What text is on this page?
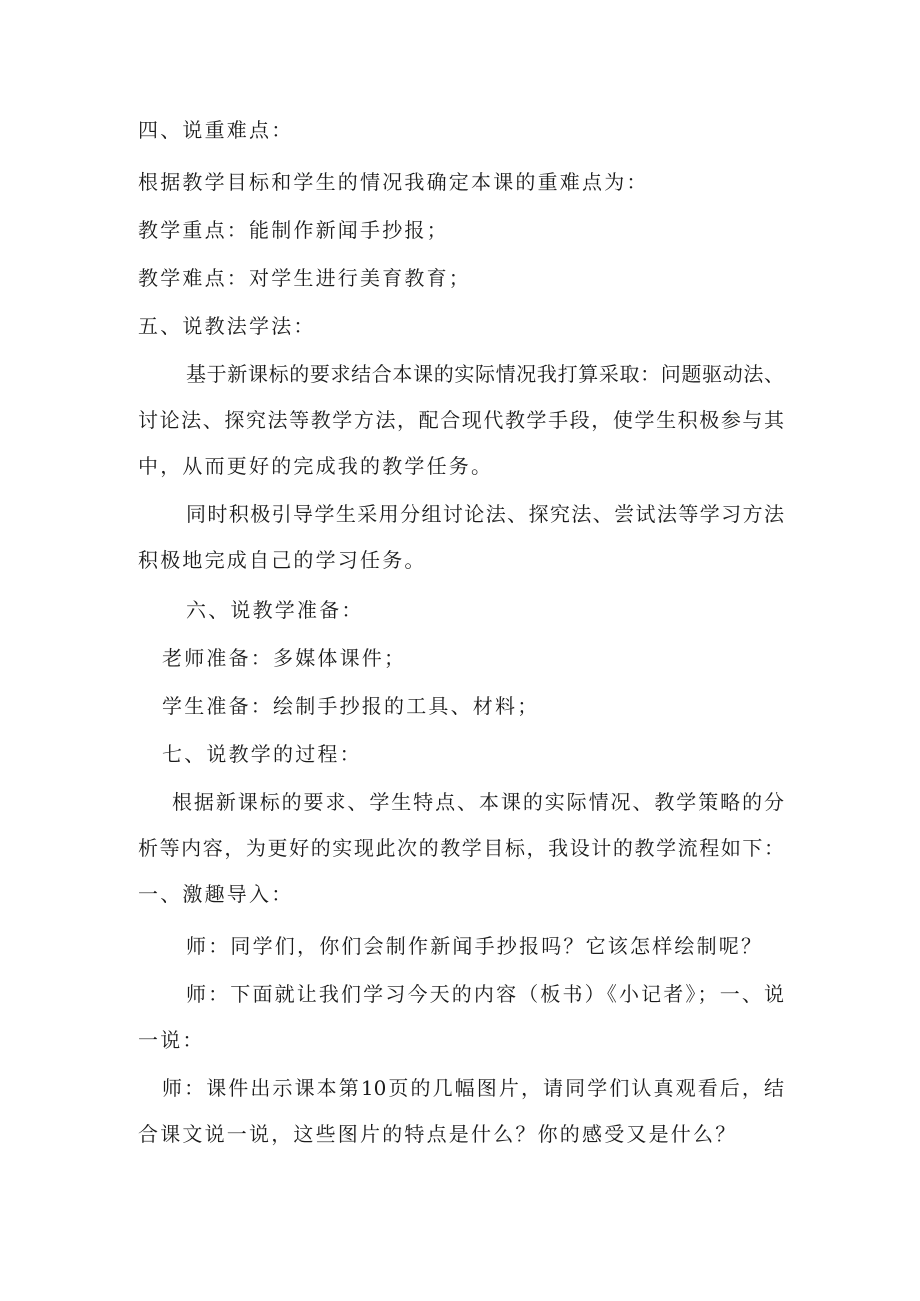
四、说重难点：

根据教学目标和学生的情况我确定本课的重难点为：

教学重点：能制作新闻手抄报；

教学难点：对学生进行美育教育；

五、说教法学法：

基于新课标的要求结合本课的实际情况我打算采取：问题驱动法、

讨论法、探究法等教学方法，配合现代教学手段，使学生积极参与其

中，从而更好的完成我的教学任务。

同时积极引导学生采用分组讨论法、探究法、尝试法等学习方法

积极地完成自己的学习任务。

六、说教学准备：

老师准备：多媒体课件；

学生准备：绘制手抄报的工具、材料；

七、说教学的过程：

根据新课标的要求、学生特点、本课的实际情况、教学策略的分

析等内容，为更好的实现此次的教学目标，我设计的教学流程如下：

一、激趣导入：

师：同学们，你们会制作新闻手抄报吗？它该怎样绘制呢？

师：下面就让我们学习今天的内容（板书）《小记者》；一、说

一说：

师：课件出示课本第10页的几幅图片，请同学们认真观看后，结

合课文说一说，这些图片的特点是什么？你的感受又是什么？
